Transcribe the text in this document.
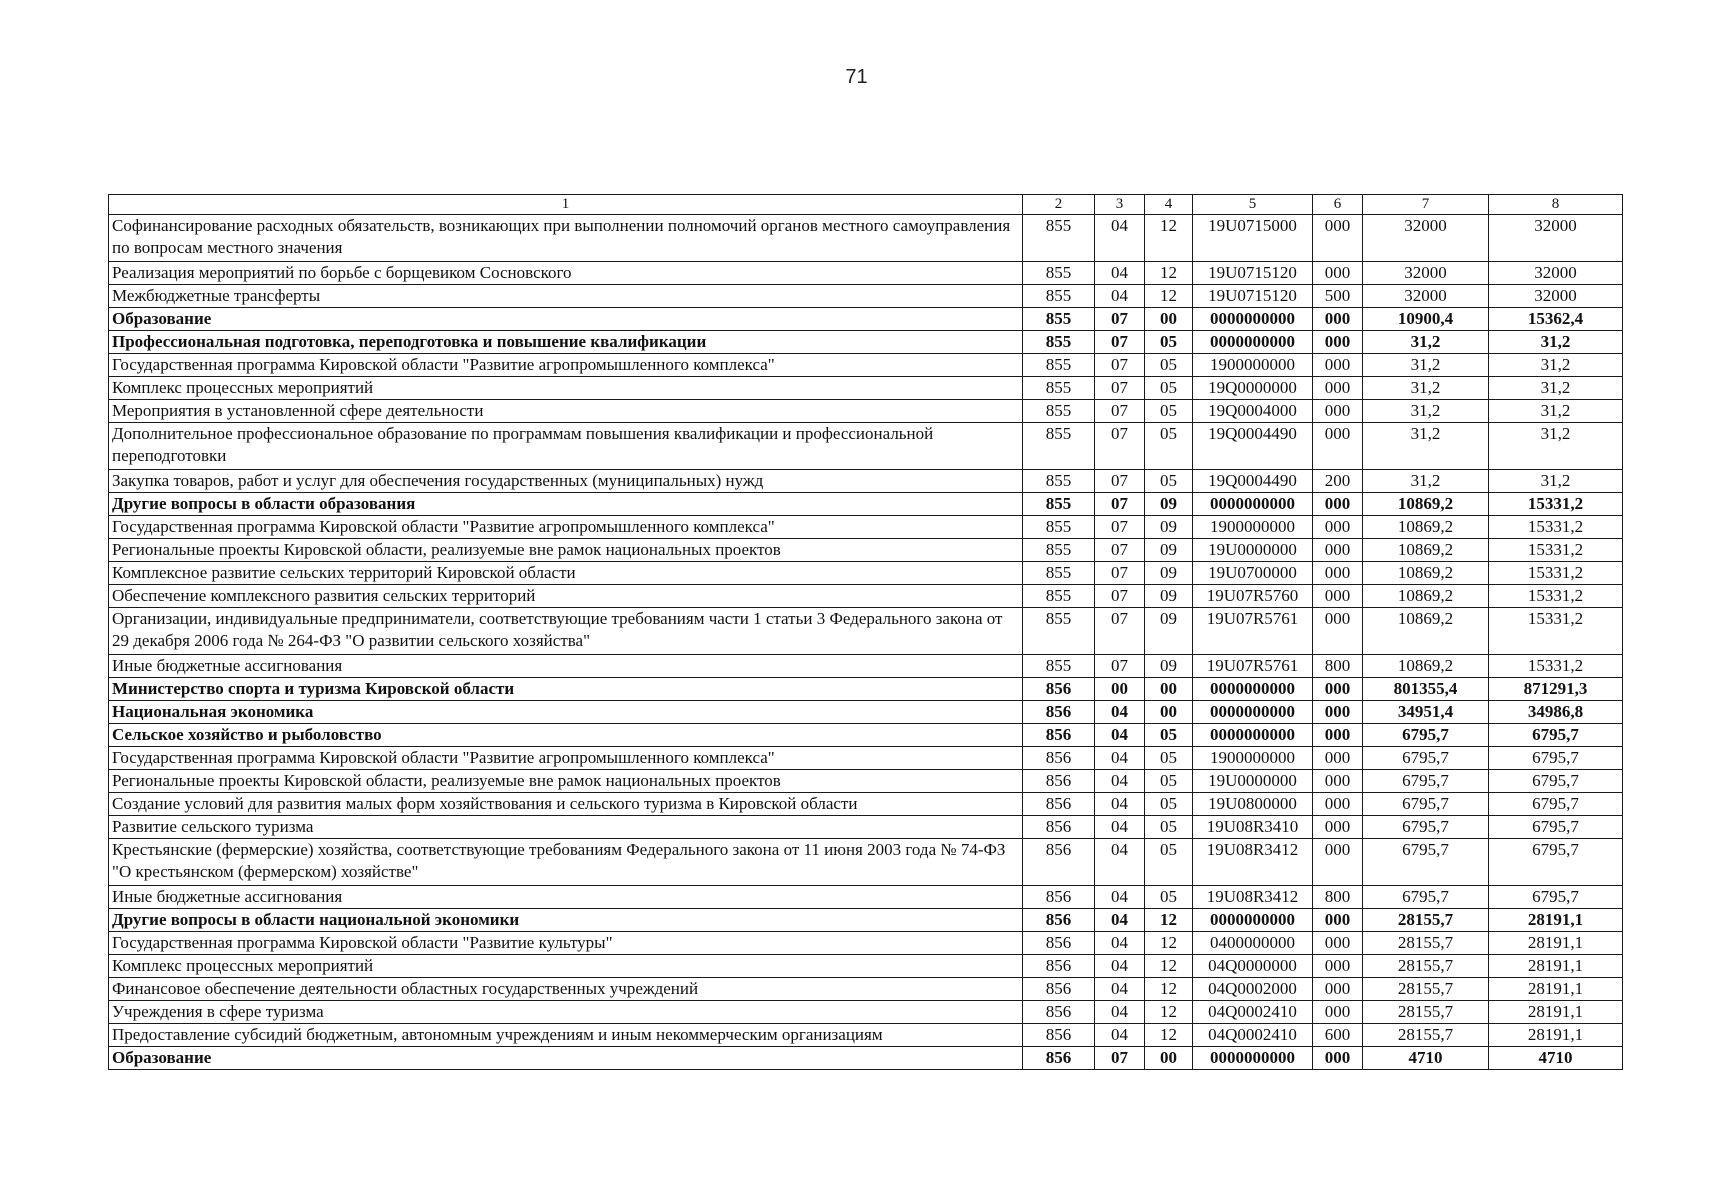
71
1	2	3	4	5	6	7	8
Софинансирование расходных обязательств, возникающих при выполнении полномочий органов местного самоуправления по вопросам местного значения	855	04	12	19U0715000	000	32000	32000
Реализация мероприятий по борьбе с борщевиком Сосновского	855	04	12	19U0715120	000	32000	32000
Межбюджетные трансферты	855	04	12	19U0715120	500	32000	32000
Образование	855	07	00	0000000000	000	10900,4	15362,4
Профессиональная подготовка, переподготовка и повышение квалификации	855	07	05	0000000000	000	31,2	31,2
Государственная программа Кировской области "Развитие агропромышленного комплекса"	855	07	05	1900000000	000	31,2	31,2
Комплекс процессных мероприятий	855	07	05	19Q0000000	000	31,2	31,2
Мероприятия в установленной сфере деятельности	855	07	05	19Q0004000	000	31,2	31,2
Дополнительное профессиональное образование по программам повышения квалификации и профессиональной переподготовки	855	07	05	19Q0004490	000	31,2	31,2
Закупка товаров, работ и услуг для обеспечения государственных (муниципальных) нужд	855	07	05	19Q0004490	200	31,2	31,2
Другие вопросы в области образования	855	07	09	0000000000	000	10869,2	15331,2
Государственная программа Кировской области "Развитие агропромышленного комплекса"	855	07	09	1900000000	000	10869,2	15331,2
Региональные проекты Кировской области, реализуемые вне рамок национальных проектов	855	07	09	19U0000000	000	10869,2	15331,2
Комплексное развитие сельских территорий Кировской области	855	07	09	19U0700000	000	10869,2	15331,2
Обеспечение комплексного развития сельских территорий	855	07	09	19U07R5760	000	10869,2	15331,2
Организации, индивидуальные предприниматели, соответствующие требованиям части 1 статьи 3 Федерального закона от 29 декабря 2006 года № 264-ФЗ "О развитии сельского хозяйства"	855	07	09	19U07R5761	000	10869,2	15331,2
Иные бюджетные ассигнования	855	07	09	19U07R5761	800	10869,2	15331,2
Министерство спорта и туризма Кировской области	856	00	00	0000000000	000	801355,4	871291,3
Национальная экономика	856	04	00	0000000000	000	34951,4	34986,8
Сельское хозяйство и рыболовство	856	04	05	0000000000	000	6795,7	6795,7
Государственная программа Кировской области "Развитие агропромышленного комплекса"	856	04	05	1900000000	000	6795,7	6795,7
Региональные проекты Кировской области, реализуемые вне рамок национальных проектов	856	04	05	19U0000000	000	6795,7	6795,7
Создание условий для развития малых форм хозяйствования и сельского туризма в Кировской области	856	04	05	19U0800000	000	6795,7	6795,7
Развитие сельского туризма	856	04	05	19U08R3410	000	6795,7	6795,7
Крестьянские (фермерские) хозяйства, соответствующие требованиям Федерального закона от 11 июня 2003 года № 74-ФЗ "О крестьянском (фермерском) хозяйстве"	856	04	05	19U08R3412	000	6795,7	6795,7
Иные бюджетные ассигнования	856	04	05	19U08R3412	800	6795,7	6795,7
Другие вопросы в области национальной экономики	856	04	12	0000000000	000	28155,7	28191,1
Государственная программа Кировской области "Развитие культуры"	856	04	12	0400000000	000	28155,7	28191,1
Комплекс процессных мероприятий	856	04	12	04Q0000000	000	28155,7	28191,1
Финансовое обеспечение деятельности областных государственных учреждений	856	04	12	04Q0002000	000	28155,7	28191,1
Учреждения в сфере туризма	856	04	12	04Q0002410	000	28155,7	28191,1
Предоставление субсидий бюджетным, автономным учреждениям и иным некоммерческим организациям	856	04	12	04Q0002410	600	28155,7	28191,1
Образование	856	07	00	0000000000	000	4710	4710
